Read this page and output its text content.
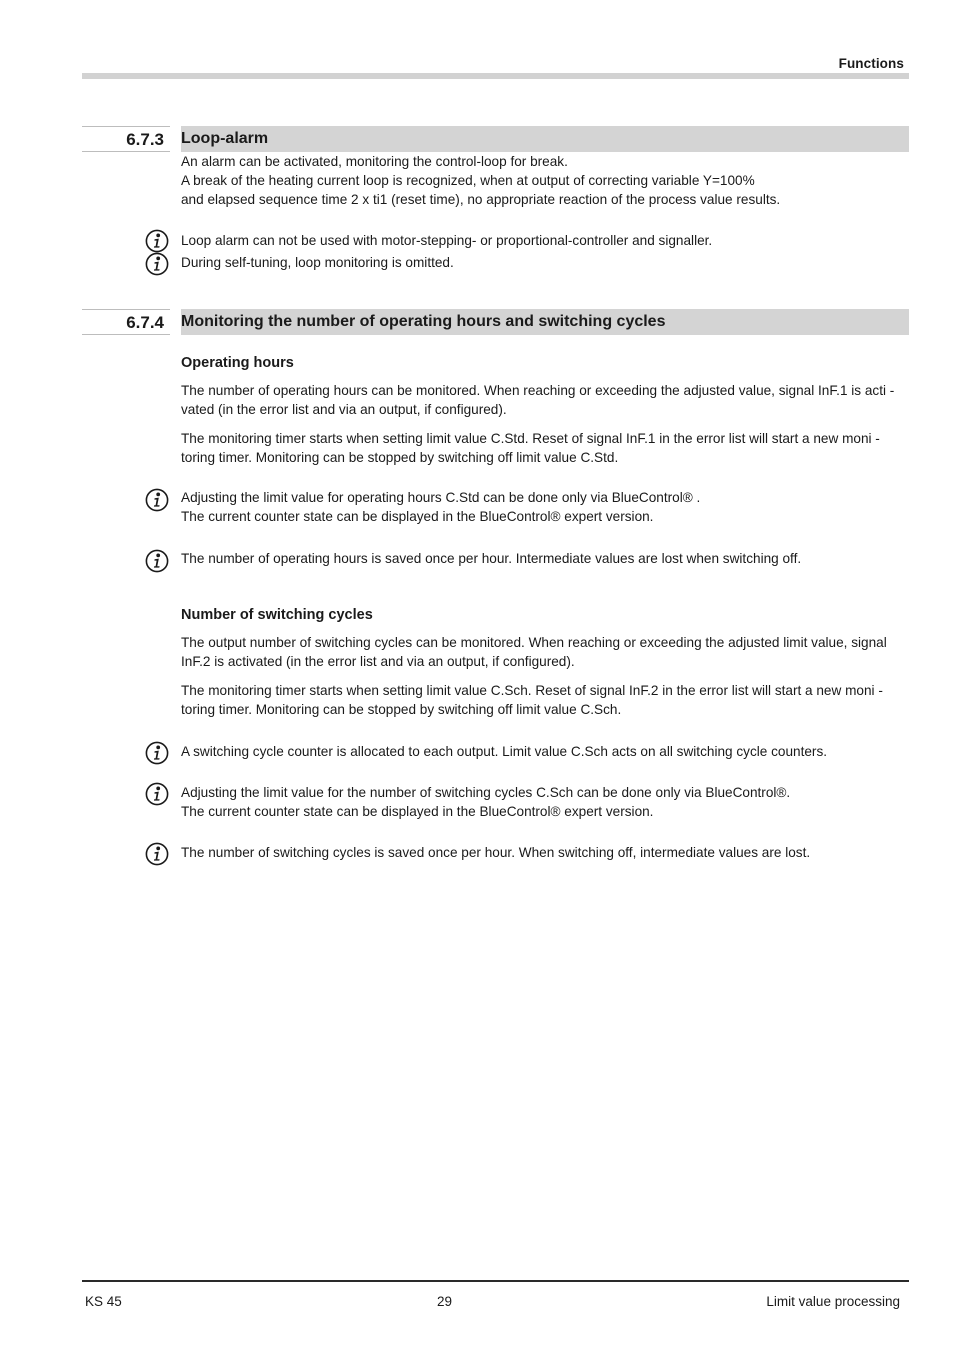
Functions
6.7.3 Loop-alarm

An alarm can be activated, monitoring the control-loop for break.
A break of the heating current loop is recognized, when at output of correcting variable Y=100%
and elapsed sequence time 2 x ti1 (reset time), no appropriate reaction of the process value results.

Loop alarm can not be used with motor-stepping- or proportional-controller and signaller.

During self-tuning, loop monitoring is omitted.

6.7.4 Monitoring the number of operating hours and switching cycles
Operating hours

The number of operating hours can be monitored. When reaching or exceeding the adjusted value, signal InF.1 is acti -
vated (in the error list and via an output, if configured).

The monitoring timer starts when setting limit value C.Std. Reset of signal InF.1 in the error list will start a new moni -
toring timer. Monitoring can be stopped by switching off limit value C.Std.

Adjusting the limit value for operating hours C.Std can be done only via BlueControl® .
The current counter state can be displayed in the BlueControl® expert version.

The number of operating hours is saved once per hour. Intermediate values are lost when switching off.

Number of switching cycles

The output number of switching cycles can be monitored. When reaching or exceeding the adjusted limit value, signal
InF.2 is activated (in the error list and via an output, if configured).

The monitoring timer starts when setting limit value C.Sch. Reset of signal InF.2 in the error list will start a new moni -
toring timer. Monitoring can be stopped by switching off limit value C.Sch.

A switching cycle counter is allocated to each output. Limit value C.Sch acts on all switching cycle counters.

Adjusting the limit value for the number of switching cycles C.Sch can be done only via BlueControl®.
The current counter state can be displayed in the BlueControl® expert version.

The number of switching cycles is saved once per hour. When switching off, intermediate values are lost.

KS 45	29	Limit value processing
